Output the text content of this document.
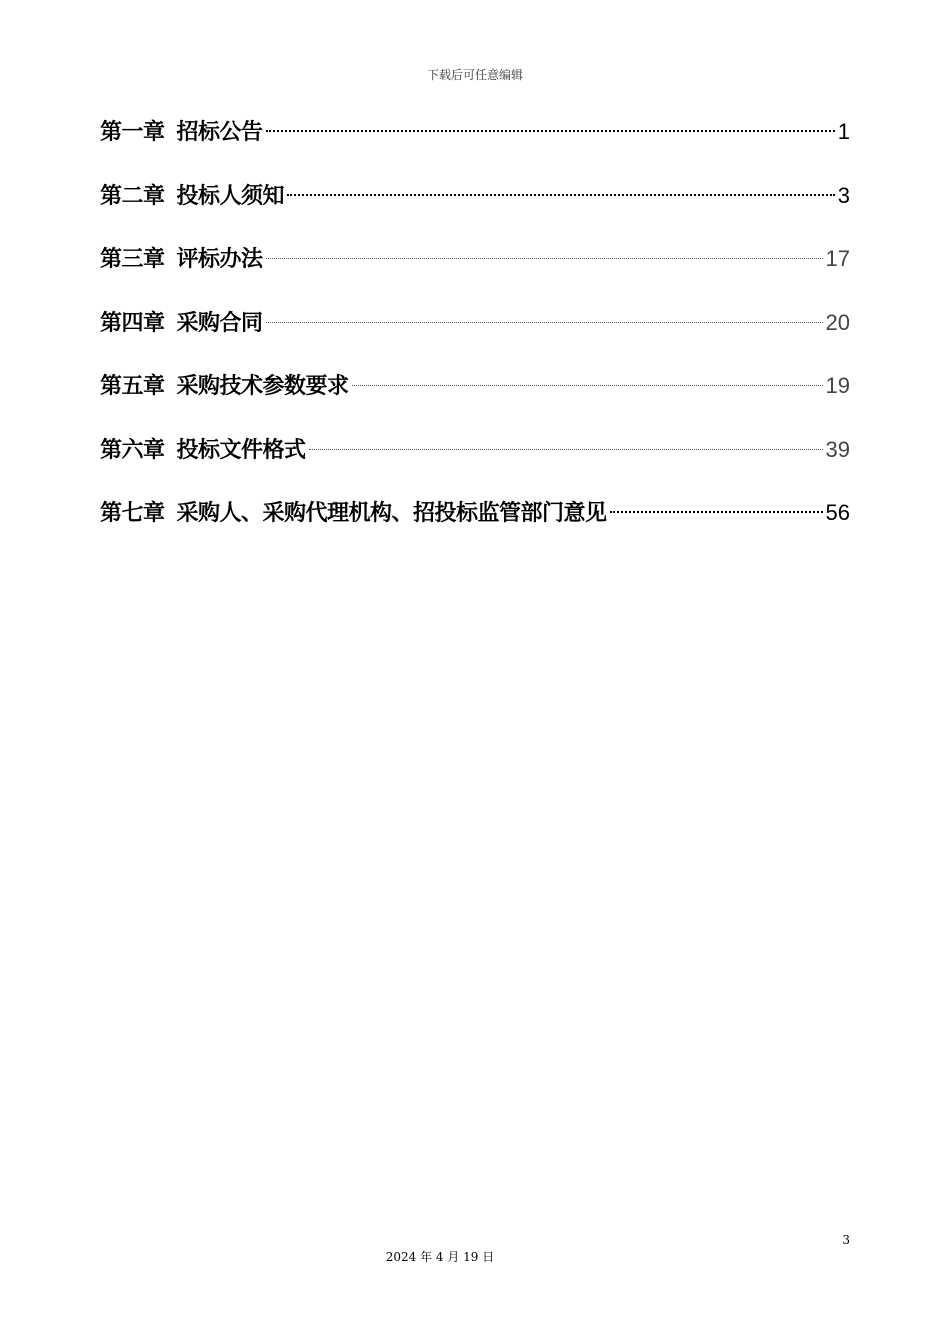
下载后可任意编辑
第一章 招标公告	1
第二章 投标人须知	3
第三章 评标办法	17
第四章 采购合同	20
第五章 采购技术参数要求	19
第六章 投标文件格式	39
第七章 采购人、采购代理机构、招投标监管部门意见	56
3
2024 年 4 月 19 日
